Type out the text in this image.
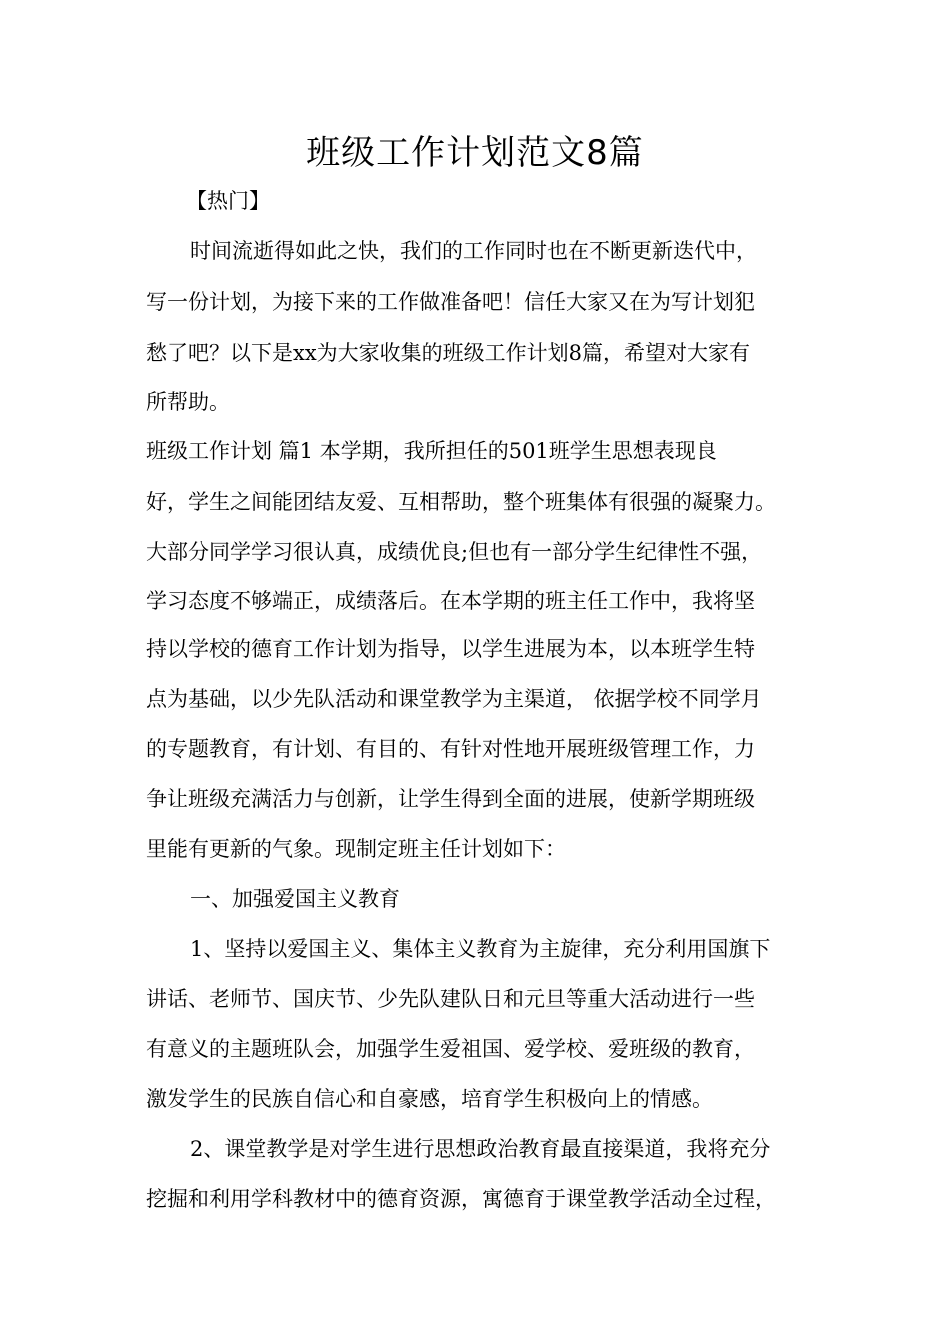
班级工作计划范文8篇
【热门】
时间流逝得如此之快，我们的工作同时也在不断更新迭代中，
写一份计划，为接下来的工作做准备吧！信任大家又在为写计划犯
愁了吧？以下是xx为大家收集的班级工作计划8篇，希望对大家有
所帮助。
班级工作计划 篇1 本学期，我所担任的501班学生思想表现良
好，学生之间能团结友爱、互相帮助，整个班集体有很强的凝聚力。
大部分同学学习很认真，成绩优良;但也有一部分学生纪律性不强，
学习态度不够端正，成绩落后。在本学期的班主任工作中，我将坚
持以学校的德育工作计划为指导，以学生进展为本，以本班学生特
点为基础，以少先队活动和课堂教学为主渠道， 依据学校不同学月
的专题教育，有计划、有目的、有针对性地开展班级管理工作，力
争让班级充满活力与创新，让学生得到全面的进展，使新学期班级
里能有更新的气象。现制定班主任计划如下：
一、加强爱国主义教育
1、坚持以爱国主义、集体主义教育为主旋律，充分利用国旗下
讲话、老师节、国庆节、少先队建队日和元旦等重大活动进行一些
有意义的主题班队会，加强学生爱祖国、爱学校、爱班级的教育，
激发学生的民族自信心和自豪感，培育学生积极向上的情感。
2、课堂教学是对学生进行思想政治教育最直接渠道，我将充分
挖掘和利用学科教材中的德育资源，寓德育于课堂教学活动全过程，
